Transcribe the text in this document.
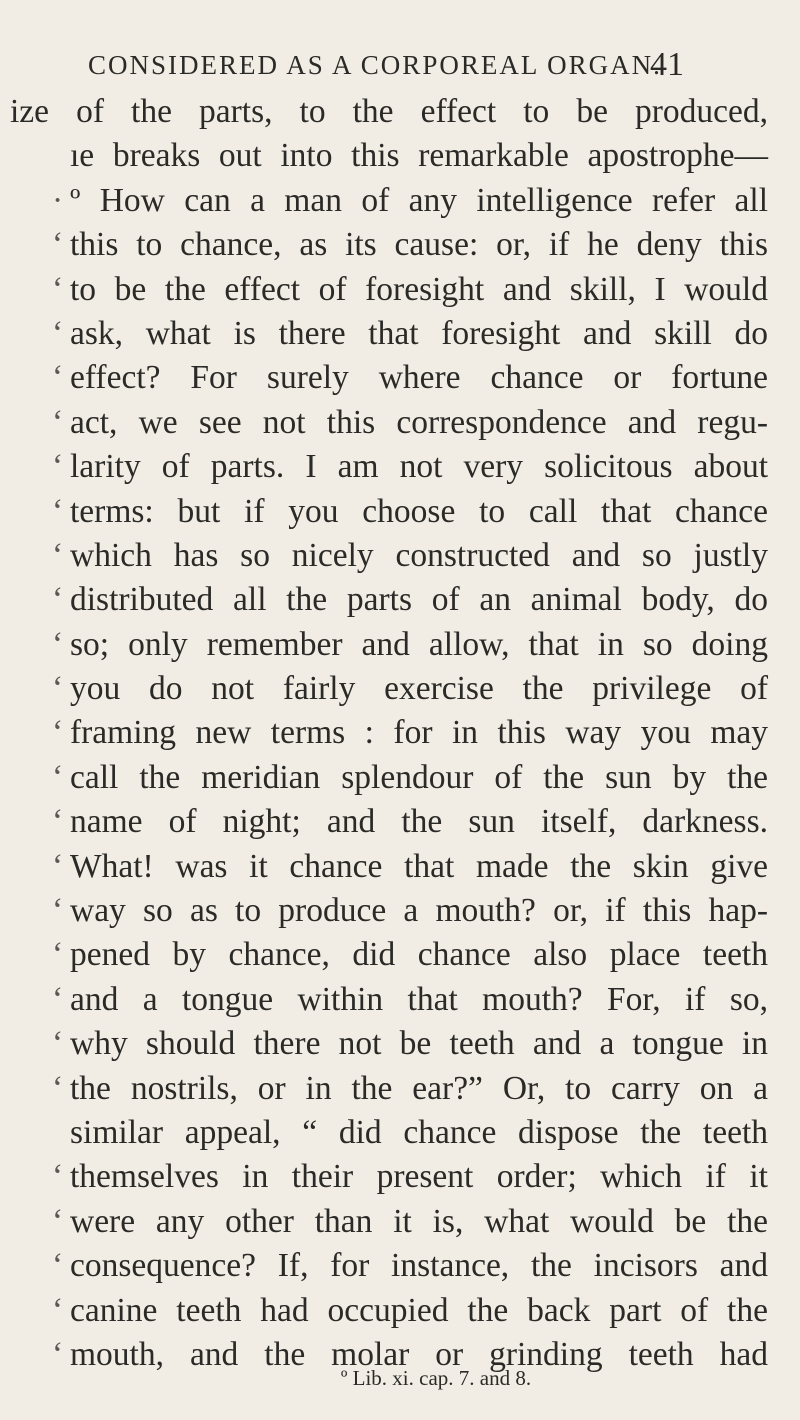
CONSIDERED AS A CORPOREAL ORGAN.
41
ize of the parts, to the effect to be produced,
ıe breaks out into this remarkable apostrophe—
· º How can a man of any intelligence refer all
‘ this to chance, as its cause: or, if he deny this
‘ to be the effect of foresight and skill, I would
‘ ask, what is there that foresight and skill do
‘ effect? For surely where chance or fortune
‘ act, we see not this correspondence and regu-
‘ larity of parts. I am not very solicitous about
‘ terms: but if you choose to call that chance
‘ which has so nicely constructed and so justly
‘ distributed all the parts of an animal body, do
‘ so; only remember and allow, that in so doing
‘ you do not fairly exercise the privilege of
‘ framing new terms : for in this way you may
‘ call the meridian splendour of the sun by the
‘ name of night; and the sun itself, darkness.
‘ What! was it chance that made the skin give
‘ way so as to produce a mouth? or, if this hap-
‘ pened by chance, did chance also place teeth
‘ and a tongue within that mouth? For, if so,
‘ why should there not be teeth and a tongue in
‘ the nostrils, or in the ear?” Or, to carry on a
similar appeal, “ did chance dispose the teeth
‘ themselves in their present order; which if it
‘ were any other than it is, what would be the
‘ consequence? If, for instance, the incisors and
‘ canine teeth had occupied the back part of the
‘ mouth, and the molar or grinding teeth had
º Lib. xi. cap. 7. and 8.
